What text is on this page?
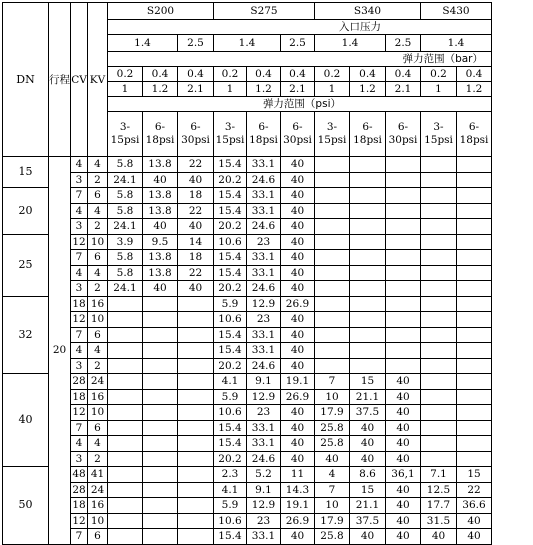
DN	行程	CV	KV	S200			S275			S340			S430	
				入口压力										
				1.4		2.5	1.4		2.5	1.4		2.5	1.4	
				弹力范围（bar）										
				0.2	0.4	0.4	0.2	0.4	0.4	0.2	0.4	0.4	0.2	0.4
				1	1.2	2.1	1	1.2	2.1	1	1.2	2.1	1	1.2
				弹力范围（psi）										
				3-15psi	6-18psi	6-30psi	3-15psi	6-18psi	6-30psi	3-15psi	6-18psi	6-30psi	3-15psi	6-18psi
15	20	4	4	5.8	13.8	22	15.4	33.1	40					
		3	2	24.1	40	40	20.2	24.6	40					
20		7	6	5.8	13.8	18	15.4	33.1	40					
		4	4	5.8	13.8	22	15.4	33.1	40					
		3	2	24.1	40	40	20.2	24.6	40					
25		12	10	3.9	9.5	14	10.6	23	40					
		7	6	5.8	13.8	18	15.4	33.1	40					
		4	4	5.8	13.8	22	15.4	33.1	40					
		3	2	24.1	40	40	20.2	24.6	40					
32		18	16				5.9	12.9	26.9					
		12	10				10.6	23	40					
		7	6				15.4	33.1	40					
		4	4				15.4	33.1	40					
		3	2				20.2	24.6	40					
40		28	24				4.1	9.1	19.1	7	15	40		
		18	16				5.9	12.9	26.9	10	21.1	40		
		12	10				10.6	23	40	17.9	37.5	40		
		7	6				15.4	33.1	40	25.8	40	40		
		4	4				15.4	33.1	40	25.8	40	40		
		3	2				20.2	24.6	40	40	40	40		
50		48	41				2.3	5.2	11	4	8.6	36,1	7.1	15
		28	24				4.1	9.1	14.3	7	15	40	12.5	22
		18	16				5.9	12.9	19.1	10	21.1	40	17.7	36.6
		12	10				10.6	23	26.9	17.9	37.5	40	31.5	40
		7	6				15.4	33.1	40	25.8	40	40	40	40
